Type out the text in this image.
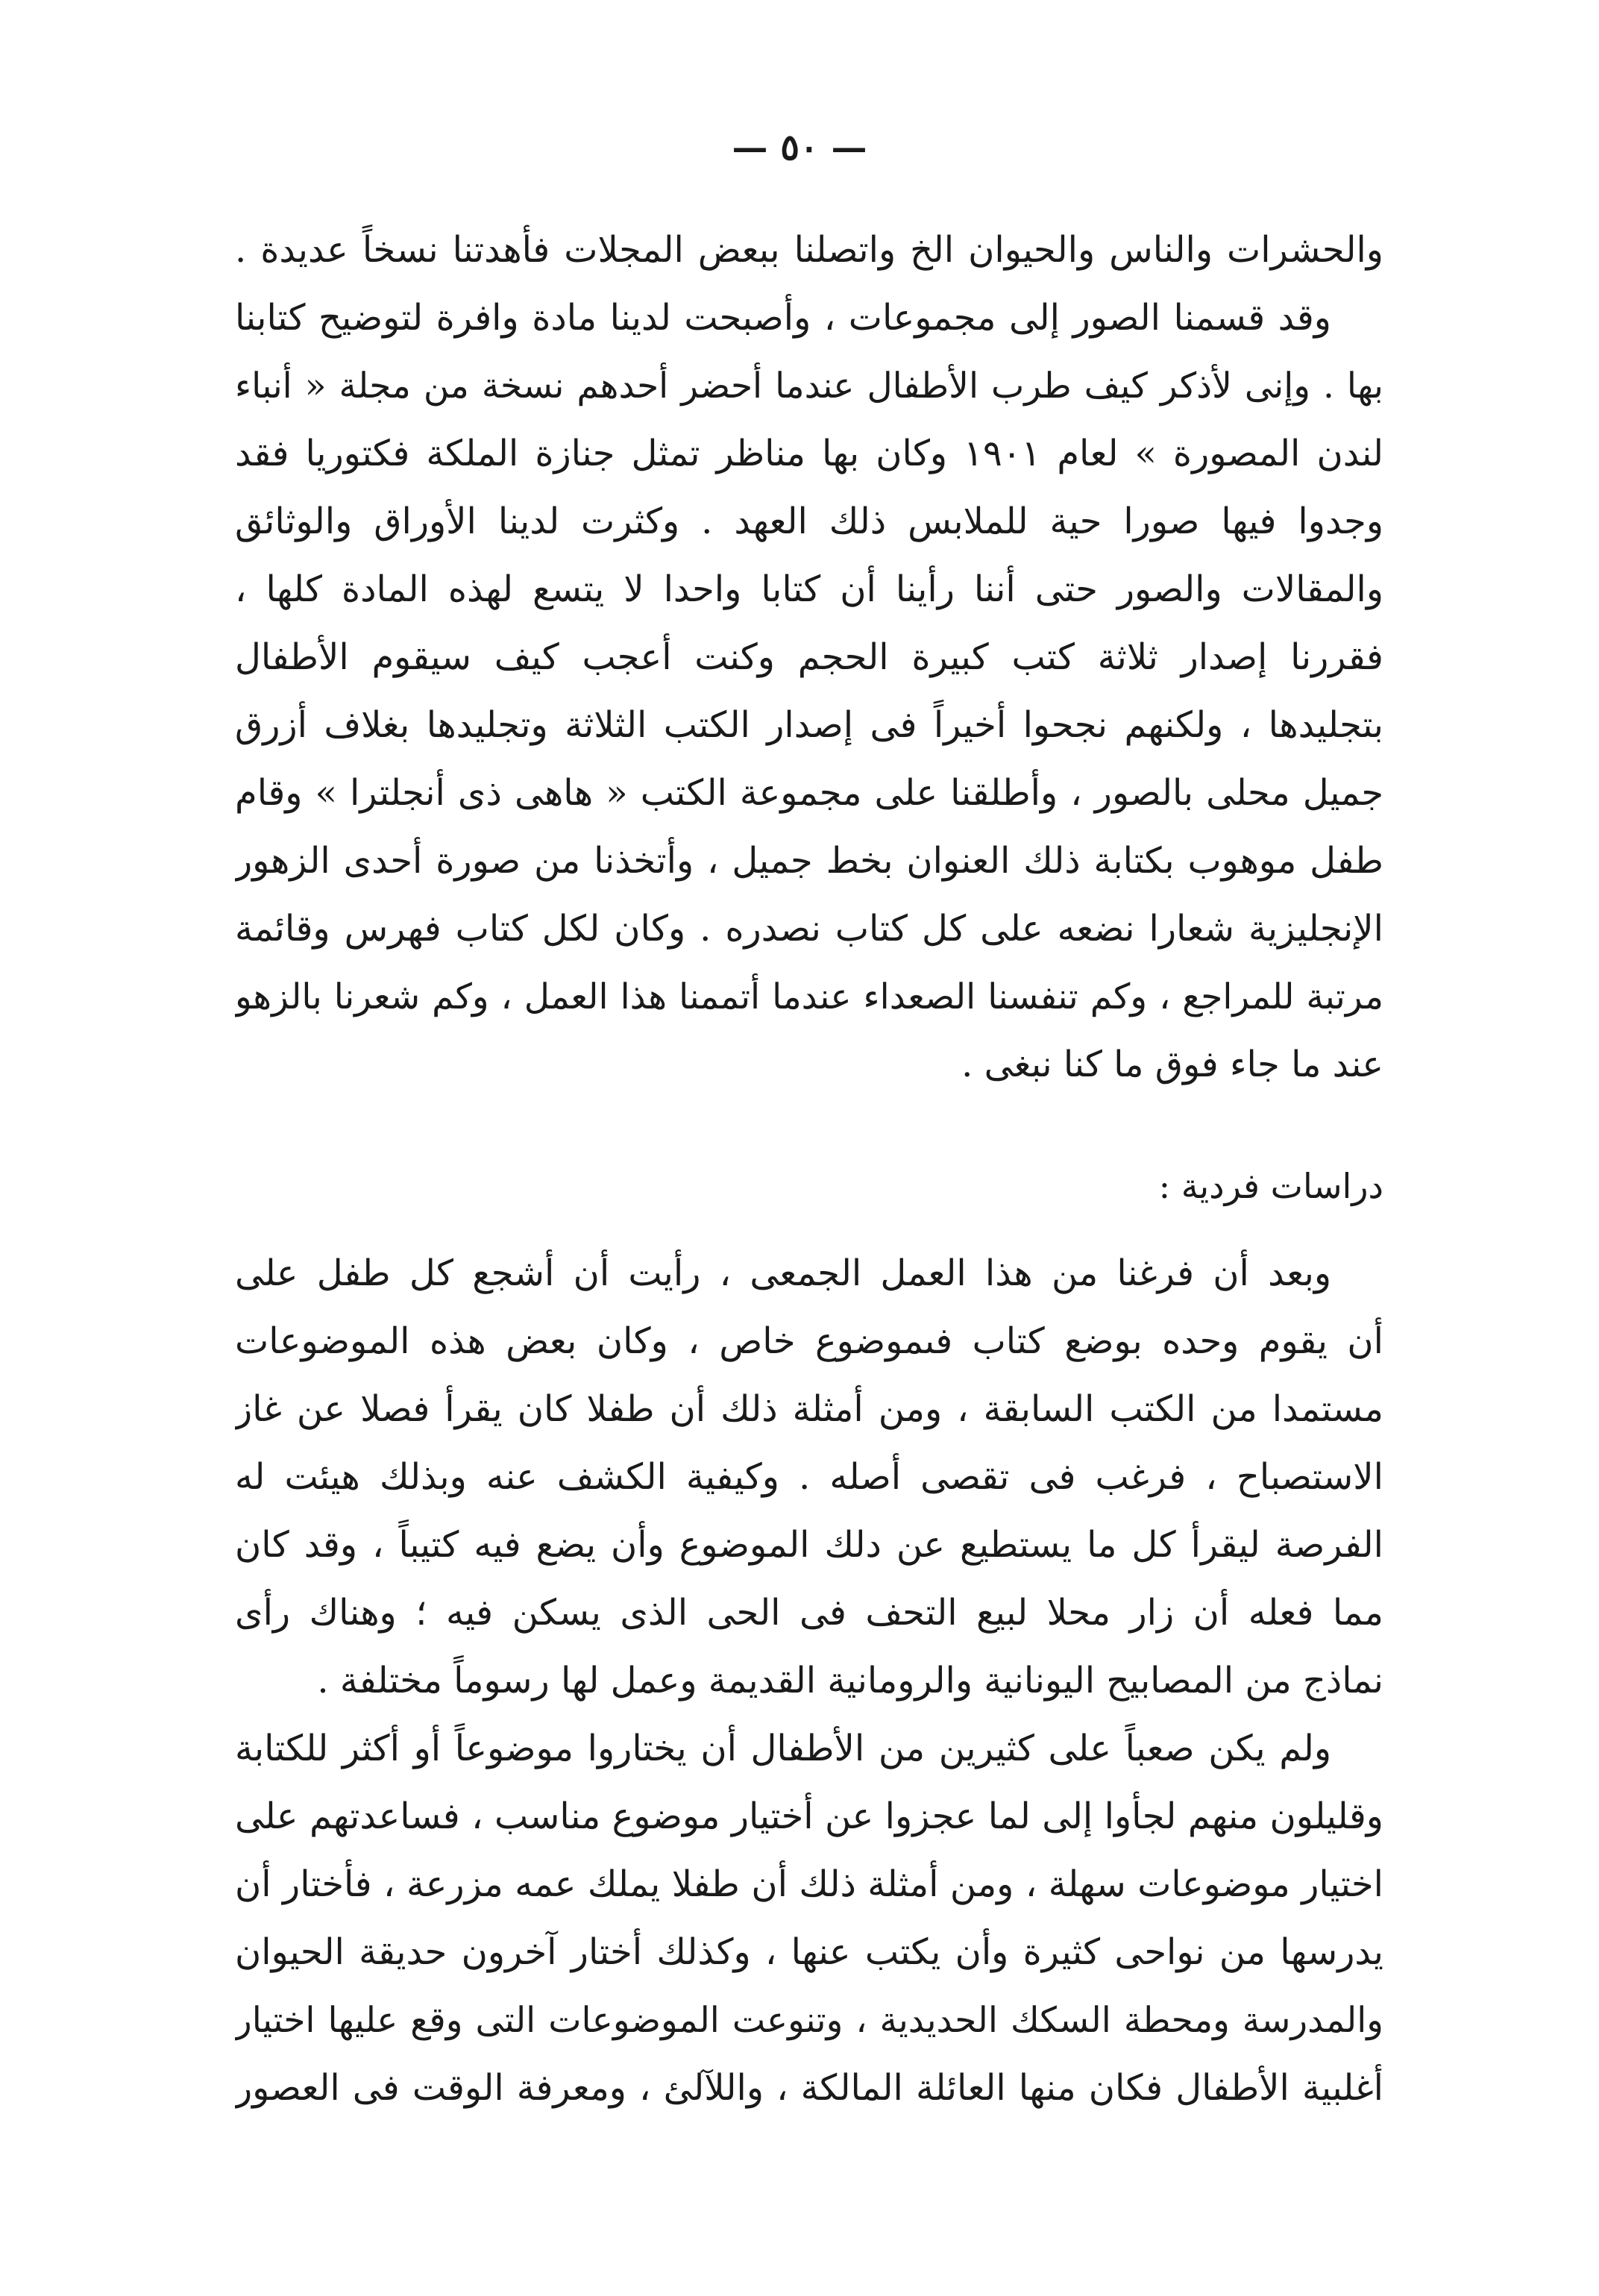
— ٥٠ —
والحشرات والناس والحيوان الخ واتصلنا ببعض المجلات فأهدتنا نسخاً عديدة .
وقد قسمنا الصور إلى مجموعات ، وأصبحت لدينا مادة وافرة لتوضيح كتابنا
بها . وإنى لأذكر كيف طرب الأطفال عندما أحضر أحدهم نسخة من مجلة « أنباء
لندن المصورة » لعام ١٩٠١ وكان بها مناظر تمثل جنازة الملكة فكتوريا فقد
وجدوا فيها صورا حية للملابس ذلك العهد . وكثرت لدينا الأوراق والوثائق
والمقالات والصور حتى أننا رأينا أن كتابا واحدا لا يتسع لهذه المادة كلها ،
فقررنا إصدار ثلاثة كتب كبيرة الحجم وكنت أعجب كيف سيقوم الأطفال
بتجليدها ، ولكنهم نجحوا أخيراً فى إصدار الكتب الثلاثة وتجليدها بغلاف أزرق
جميل محلى بالصور ، وأطلقنا على مجموعة الكتب « هاهى ذى أنجلترا » وقام
طفل موهوب بكتابة ذلك العنوان بخط جميل ، وأتخذنا من صورة أحدى الزهور
الإنجليزية شعارا نضعه على كل كتاب نصدره . وكان لكل كتاب فهرس وقائمة
مرتبة للمراجع ، وكم تنفسنا الصعداء عندما أتممنا هذا العمل ، وكم شعرنا بالزهو
عند ما جاء فوق ما كنا نبغى .
دراسات فردية :
وبعد أن فرغنا من هذا العمل الجمعى ، رأيت أن أشجع كل طفل على
أن يقوم وحده بوضع كتاب فىموضوع خاص ، وكان بعض هذه الموضوعات
مستمدا من الكتب السابقة ، ومن أمثلة ذلك أن طفلا كان يقرأ فصلا عن غاز
الاستصباح ، فرغب فى تقصى أصله . وكيفية الكشف عنه وبذلك هيئت له
الفرصة ليقرأ كل ما يستطيع عن دلك الموضوع وأن يضع فيه كتيباً ، وقد كان
مما فعله أن زار محلا لبيع التحف فى الحى الذى يسكن فيه ؛ وهناك رأى
نماذج من المصابيح اليونانية والرومانية القديمة وعمل لها رسوماً مختلفة .
ولم يكن صعباً على كثيرين من الأطفال أن يختاروا موضوعاً أو أكثر للكتابة
وقليلون منهم لجأوا إلى لما عجزوا عن أختيار موضوع مناسب ، فساعدتهم على
اختيار موضوعات سهلة ، ومن أمثلة ذلك أن طفلا يملك عمه مزرعة ، فأختار أن
يدرسها من نواحى كثيرة وأن يكتب عنها ، وكذلك أختار آخرون حديقة الحيوان
والمدرسة ومحطة السكك الحديدية ، وتنوعت الموضوعات التى وقع عليها اختيار
أغلبية الأطفال فكان منها العائلة المالكة ، واللآلئ ، ومعرفة الوقت فى العصور
